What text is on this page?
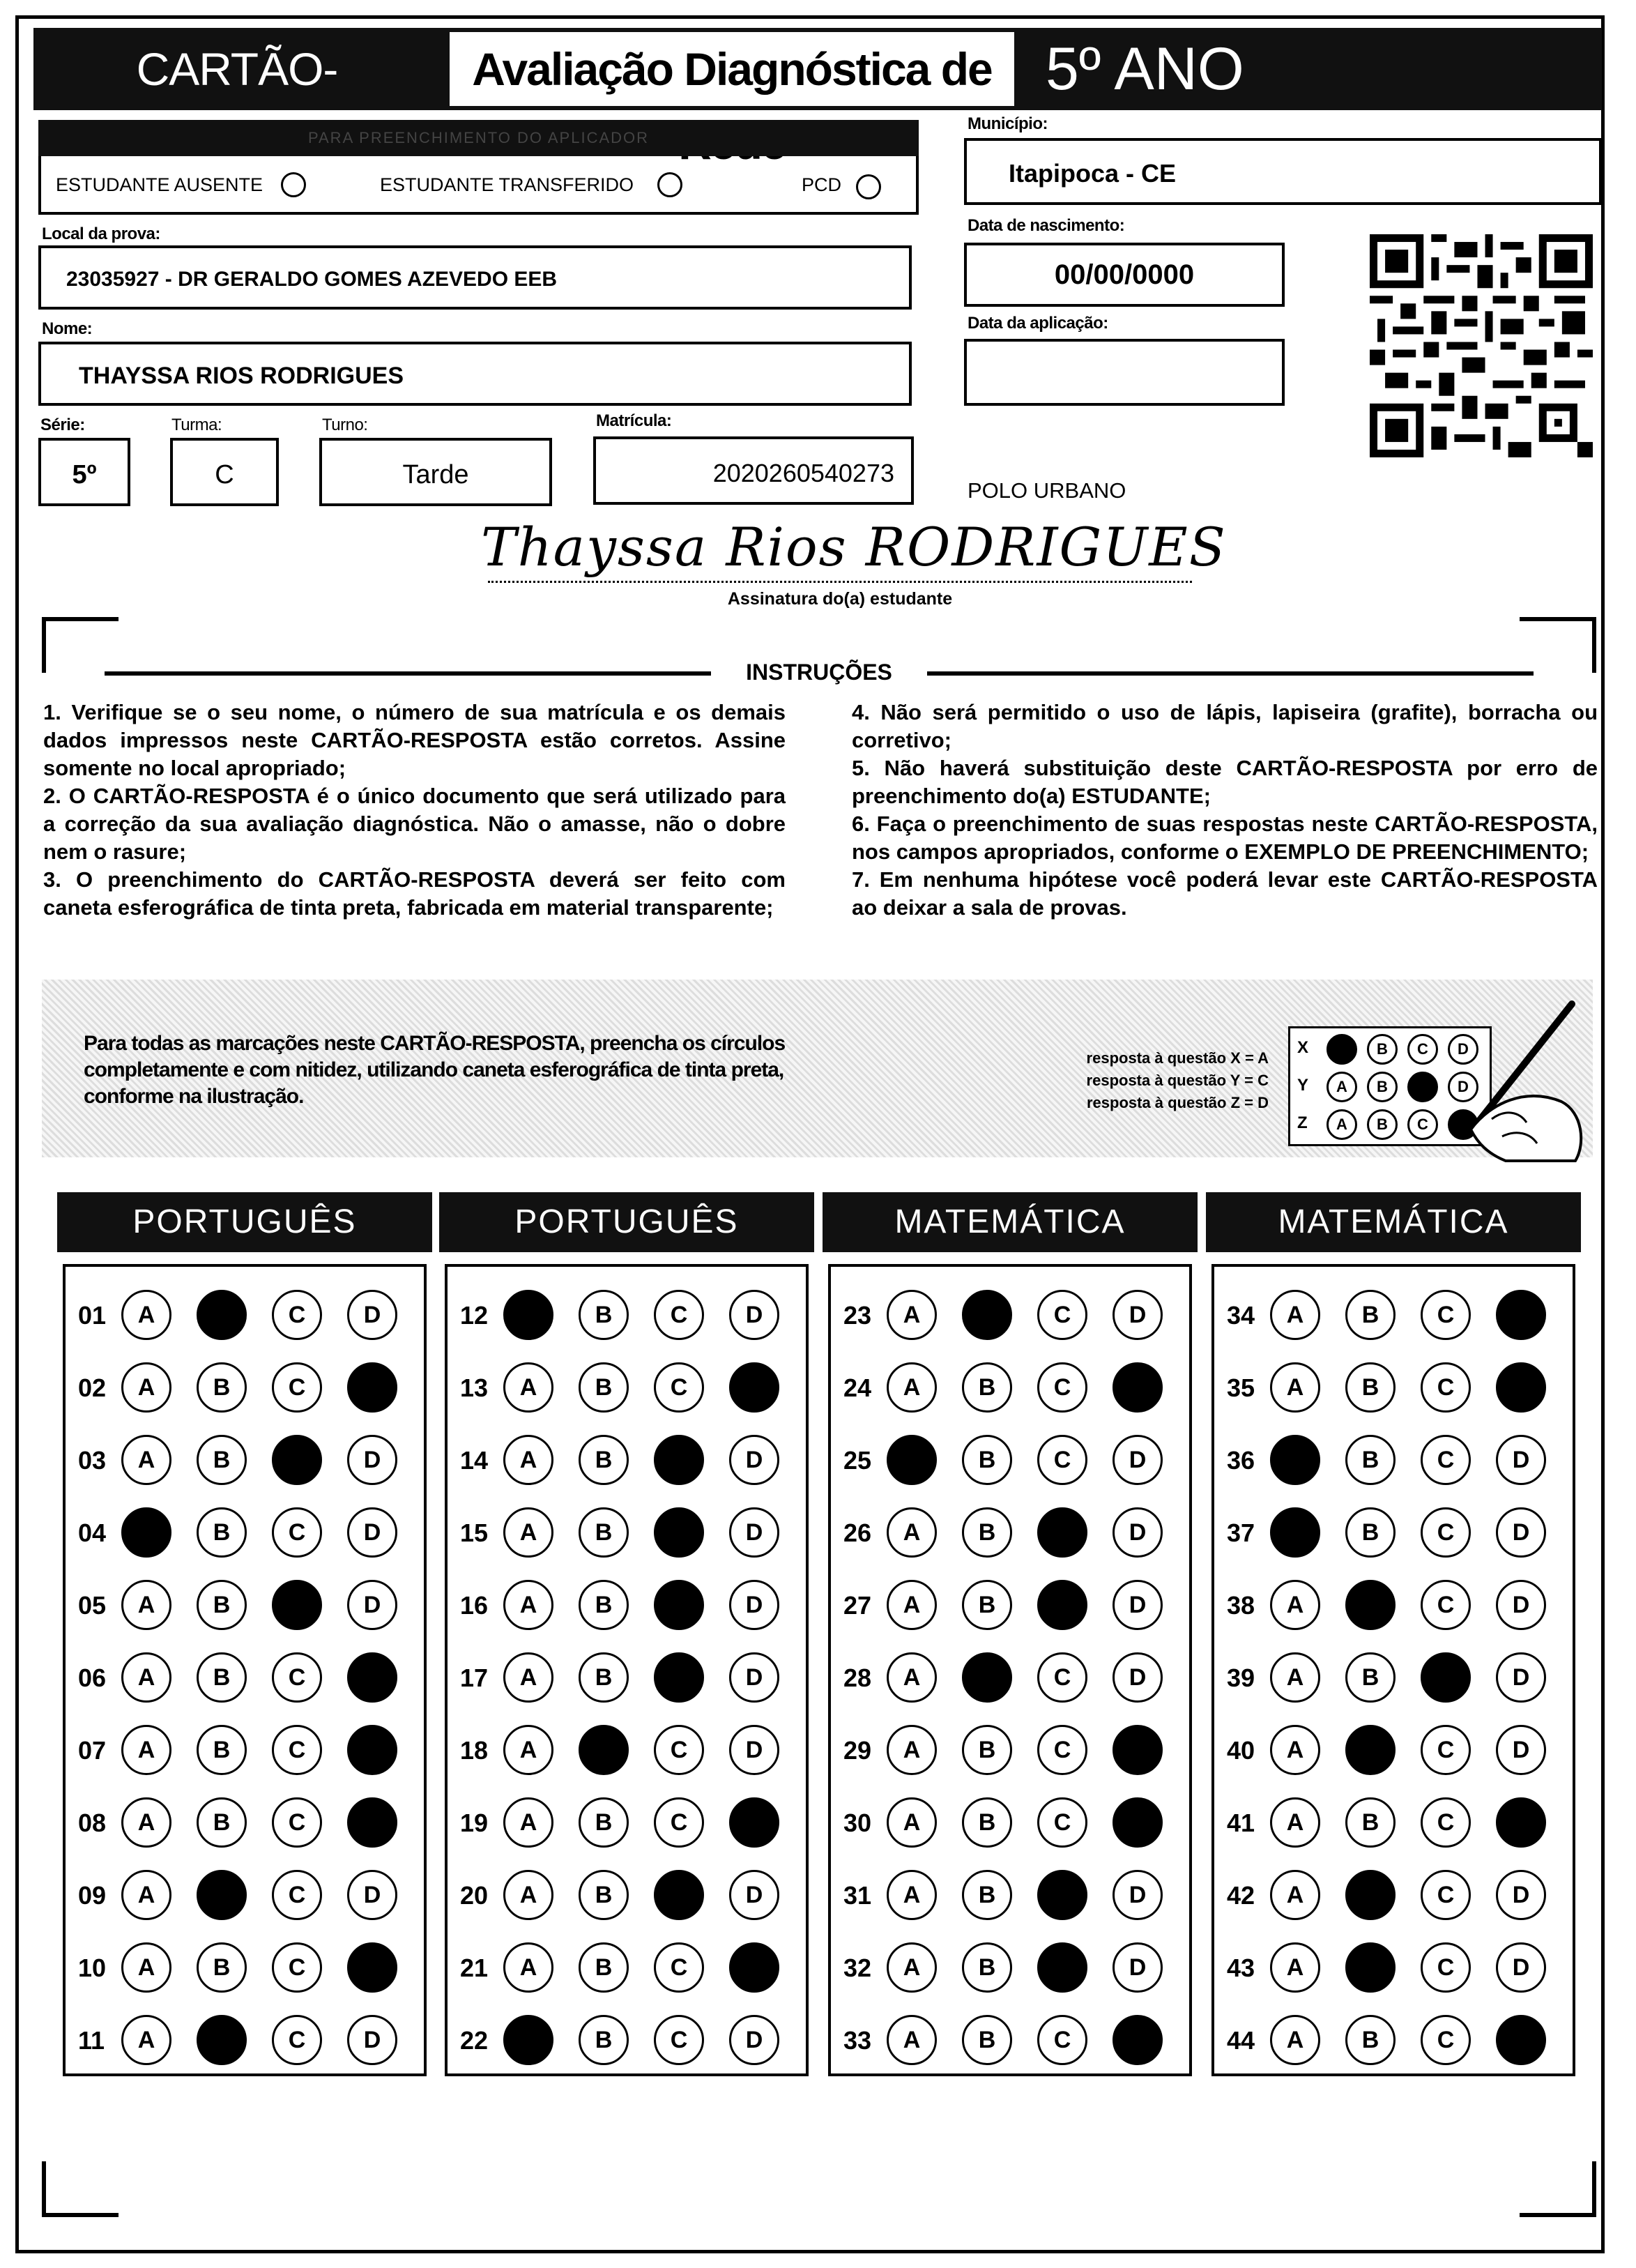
CARTÃO-	Avaliação Diagnóstica de 5º ANO
PARA PREENCHIMENTO DO APLICADOR
ESTUDANTE AUSENTE	ESTUDANTE TRANSFERIDO	PCD
Município:
Itapipoca - CE
Local da prova:
23035927 - DR GERALDO GOMES AZEVEDO EEB
Data de nascimento:
00/00/0000
Nome:
THAYSSA RIOS RODRIGUES
Data da aplicação:
Série:
5º
Turma:
C
Turno:
Tarde
Matrícula:
2020260540273
POLO URBANO
Thayssa Rios RODRIGUES
Assinatura do(a) estudante
INSTRUÇÕES

1. Verifique se o seu nome, o número de sua matrícula e os demais dados impressos neste CARTÃO-RESPOSTA estão corretos. Assine somente no local apropriado;

2. O CARTÃO-RESPOSTA é o único documento que será utilizado para a correção da sua avaliação diagnóstica. Não o amasse, não o dobre nem o rasure;

3. O preenchimento do CARTÃO-RESPOSTA deverá ser feito com caneta esferográfica de tinta preta, fabricada em material transparente;

4. Não será permitido o uso de lápis, lapiseira (grafite), borracha ou corretivo;

5. Não haverá substituição deste CARTÃO-RESPOSTA por erro de preenchimento do(a) ESTUDANTE;

6. Faça o preenchimento de suas respostas neste CARTÃO-RESPOSTA, nos campos apropriados, conforme o EXEMPLO DE PREENCHIMENTO;

7. Em nenhuma hipótese você poderá levar este CARTÃO-RESPOSTA ao deixar a sala de provas.

Para todas as marcações neste CARTÃO-RESPOSTA, preencha os círculos completamente e com nitidez, utilizando caneta esferográfica de tinta preta, conforme na ilustração.
resposta à questão X = A
resposta à questão Y = C
resposta à questão Z = D
X	A	B	C	D
Y	A	B	C	D
Z	A	B	C	D
PORTUGUÊS
01	A	B	C	D
02	A	B	C	D
03	A	B	C	D
04	A	B	C	D
05	A	B	C	D
06	A	B	C	D
07	A	B	C	D
08	A	B	C	D
09	A	B	C	D
10	A	B	C	D
11	A	B	C	D
PORTUGUÊS
12	A	B	C	D
13	A	B	C	D
14	A	B	C	D
15	A	B	C	D
16	A	B	C	D
17	A	B	C	D
18	A	B	C	D
19	A	B	C	D
20	A	B	C	D
21	A	B	C	D
22	A	B	C	D
MATEMÁTICA
23	A	B	C	D
24	A	B	C	D
25	A	B	C	D
26	A	B	C	D
27	A	B	C	D
28	A	B	C	D
29	A	B	C	D
30	A	B	C	D
31	A	B	C	D
32	A	B	C	D
33	A	B	C	D
MATEMÁTICA
34	A	B	C	D
35	A	B	C	D
36	A	B	C	D
37	A	B	C	D
38	A	B	C	D
39	A	B	C	D
40	A	B	C	D
41	A	B	C	D
42	A	B	C	D
43	A	B	C	D
44	A	B	C	D
